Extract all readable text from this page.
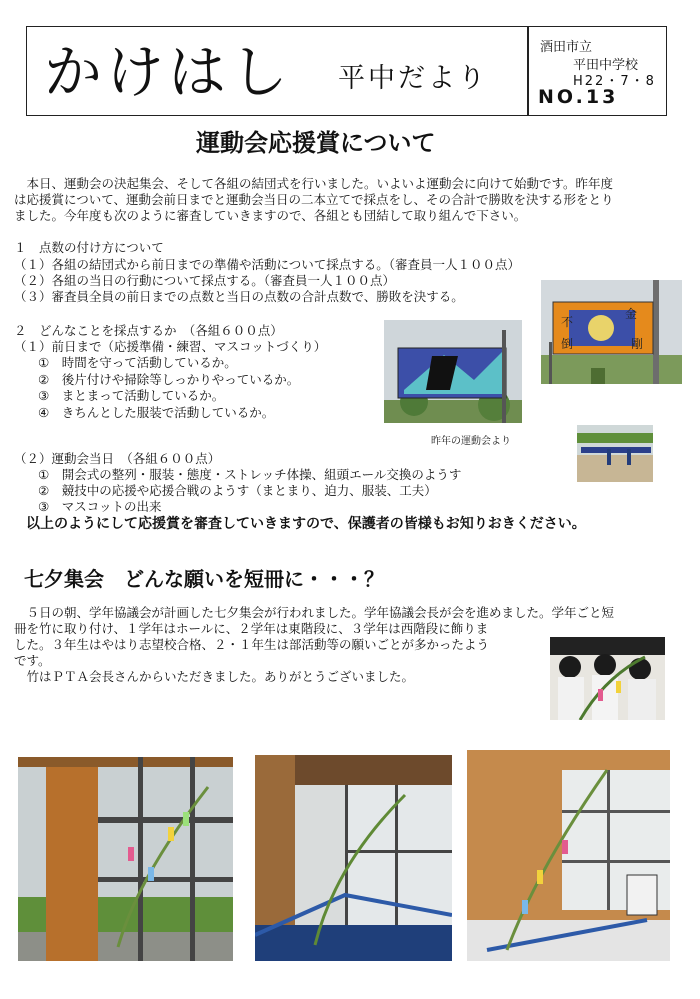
かけはし 平中だより
酒田市立
平田中学校
H22・7・8
NO.13
運動会応援賞について
　本日、運動会の決起集会、そして各組の結団式を行いました。いよいよ運動会に向けて始動です。昨年度
は応援賞について、運動会前日までと運動会当日の二本立てで採点をし、その合計で勝敗を決する形をとり
ました。今年度も次のように審査していきますので、各組とも団結して取り組んで下さい。
１　点数の付け方について
（１）各組の結団式から前日までの準備や活動について採点する。（審査員一人１００点）
（２）各組の当日の行動について採点する。（審査員一人１００点）
（３）審査員全員の前日までの点数と当日の点数の合計点数で、勝敗を決する。
２　どんなことを採点するか　（各組６００点）
（１）前日まで（応援準備・練習、マスコットづくり）
①　時間を守って活動しているか。
②　後片付けや掃除等しっかりやっているか。
③　まとまって活動しているか。
④　きちんとした服装で活動しているか。
（２）運動会当日　（各組６００点）
①　開会式の整列・服装・態度・ストレッチ体操、組頭エール交換のようす
②　競技中の応援や応援合戦のようす（まとまり、迫力、服装、工夫）
③　マスコットの出来
以上のようにして応援賞を審査していきますので、保護者の皆様もお知りおきください。
不
金
倒	剛
昨年の運動会より
七夕集会　どんな願いを短冊に・・・？
　５日の朝、学年協議会が計画した七夕集会が行われました。学年協議会長が会を進めました。学年ごと短
冊を竹に取り付け、１学年はホールに、２学年は東階段に、３学年は西階段に飾りま
した。３年生はやはり志望校合格、２・１年生は部活動等の願いごとが多かったよう
です。
　竹はＰＴＡ会長さんからいただきました。ありがとうございました。
